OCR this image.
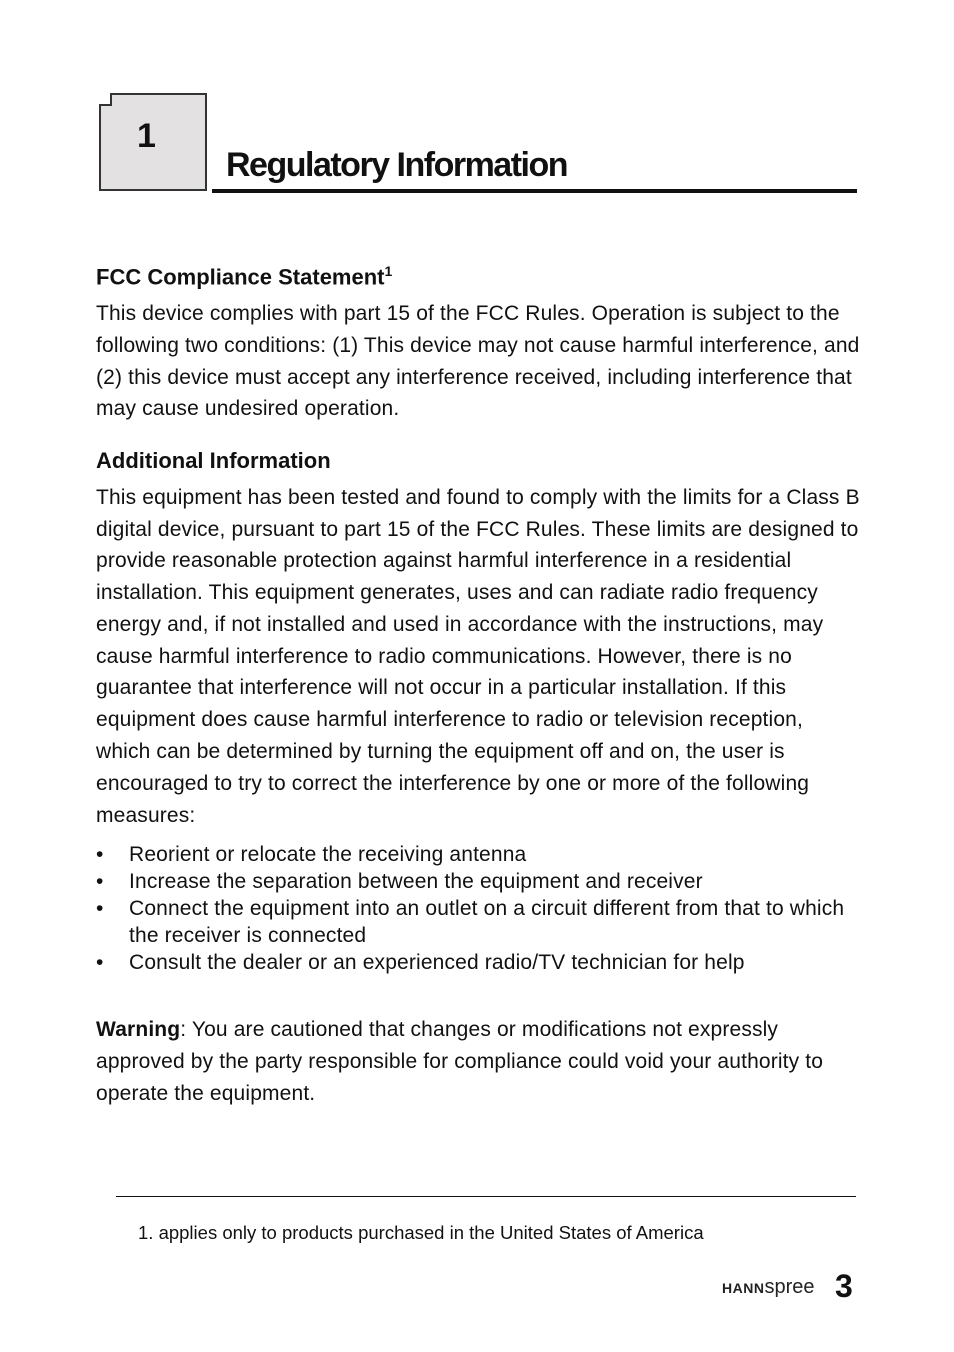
1
Regulatory Information
FCC Compliance Statement$^1$

This device complies with part 15 of the FCC Rules. Operation is subject to the following two conditions: (1) This device may not cause harmful interference, and (2) this device must accept any interference received, including interference that may cause undesired operation.

Additional Information

This equipment has been tested and found to comply with the limits for a Class B digital device, pursuant to part 15 of the FCC Rules. These limits are designed to provide reasonable protection against harmful interference in a residential installation. This equipment generates, uses and can radiate radio frequency energy and, if not installed and used in accordance with the instructions, may cause harmful interference to radio communications. However, there is no guarantee that interference will not occur in a particular installation. If this equipment does cause harmful interference to radio or television reception, which can be determined by turning the equipment off and on, the user is encouraged to try to correct the interference by one or more of the following measures:

• Reorient or relocate the receiving antenna
• Increase the separation between the equipment and receiver
• Connect the equipment into an outlet on a circuit different from that to which the receiver is connected
• Consult the dealer or an experienced radio/TV technician for help

Warning: You are cautioned that changes or modifications not expressly approved by the party responsible for compliance could void your authority to operate the equipment.

1. applies only to products purchased in the United States of America
HANNspree 3
